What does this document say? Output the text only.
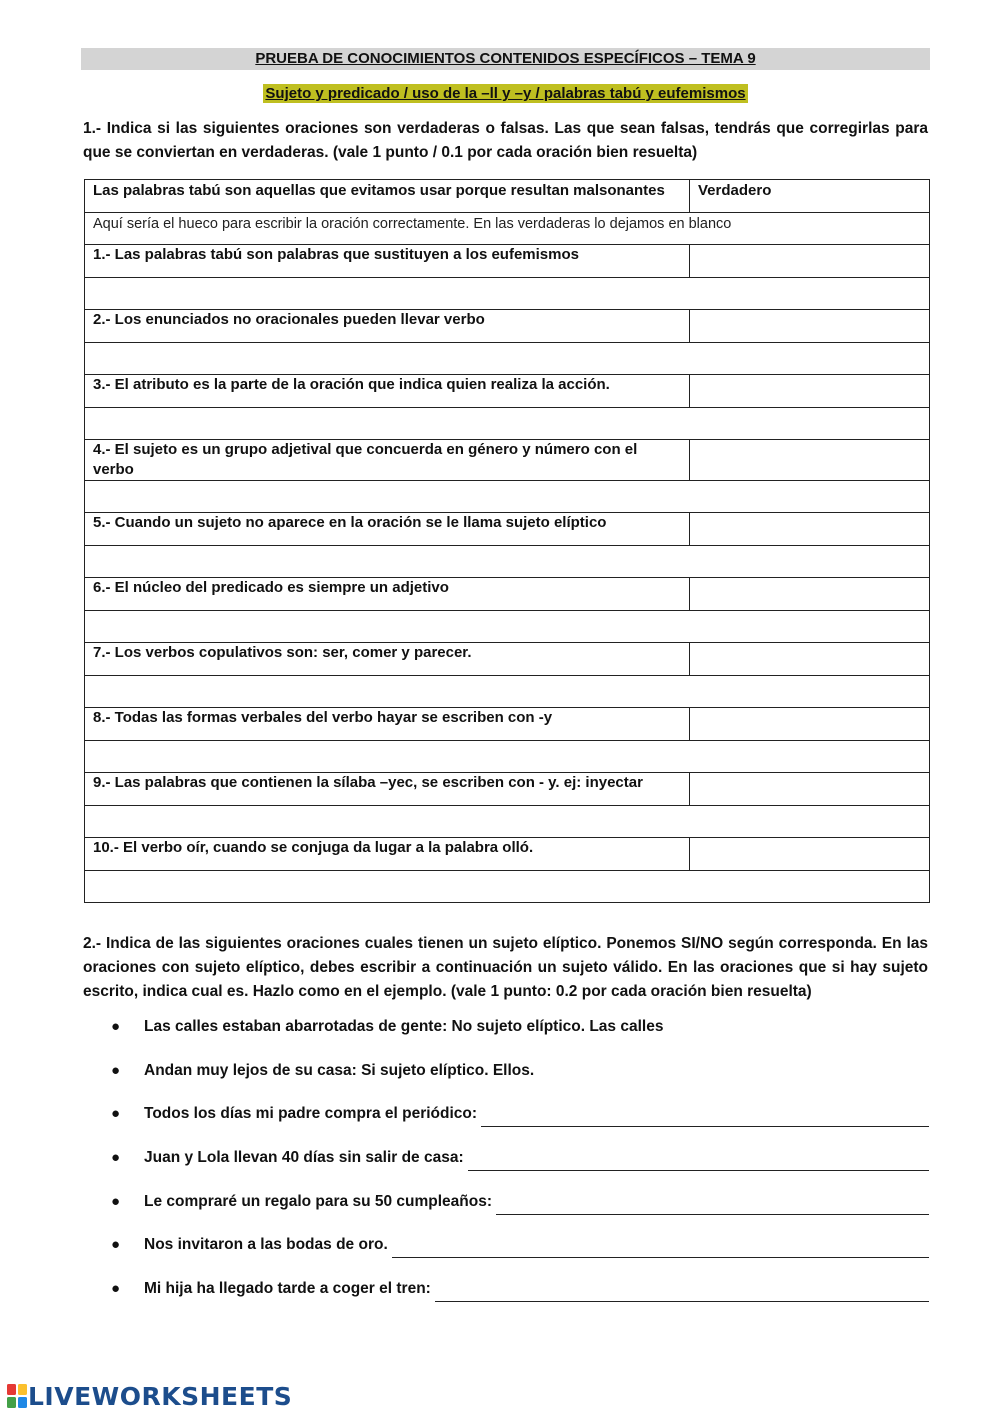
PRUEBA DE CONOCIMIENTOS CONTENIDOS ESPECÍFICOS – TEMA 9
Sujeto y predicado / uso de la –ll y –y / palabras tabú y eufemismos
1.- Indica si las siguientes oraciones son verdaderas o falsas. Las que sean falsas, tendrás que corregirlas para que se conviertan en verdaderas. (vale 1 punto / 0.1 por cada oración bien resuelta)
Las palabras tabú son aquellas que evitamos usar porque resultan malsonantes	Verdadero
Aquí sería el hueco para escribir la oración correctamente. En las verdaderas lo dejamos en blanco	
1.- Las palabras tabú son palabras que sustituyen a los eufemismos	

2.- Los enunciados no oracionales pueden llevar verbo	

3.- El atributo es la parte de la oración que indica quien realiza la acción.	

4.- El sujeto es un grupo adjetival que concuerda en género y número con el verbo	

5.- Cuando un sujeto no aparece en la oración se le llama sujeto elíptico	

6.- El núcleo del predicado es siempre un adjetivo	

7.- Los verbos copulativos son: ser, comer y parecer.	

8.- Todas las formas verbales del verbo hayar se escriben con -y	

9.- Las palabras que contienen la sílaba –yec, se escriben con - y. ej: inyectar	

10.- El verbo oír, cuando se conjuga da lugar a la palabra olló.	

2.- Indica de las siguientes oraciones cuales tienen un sujeto elíptico. Ponemos SI/NO según corresponda. En las oraciones con sujeto elíptico, debes escribir a continuación un sujeto válido. En las oraciones que si hay sujeto escrito, indica cual es. Hazlo como en el ejemplo. (vale 1 punto: 0.2 por cada oración bien resuelta)
● Las calles estaban abarrotadas de gente: No sujeto elíptico. Las calles
● Andan muy lejos de su casa: Si sujeto elíptico. Ellos.
● Todos los días mi padre compra el periódico:
● Juan y Lola llevan 40 días sin salir de casa:
● Le compraré un regalo para su 50 cumpleaños:
● Nos invitaron a las bodas de oro.
● Mi hija ha llegado tarde a coger el tren:
LIVEWORKSHEETS
